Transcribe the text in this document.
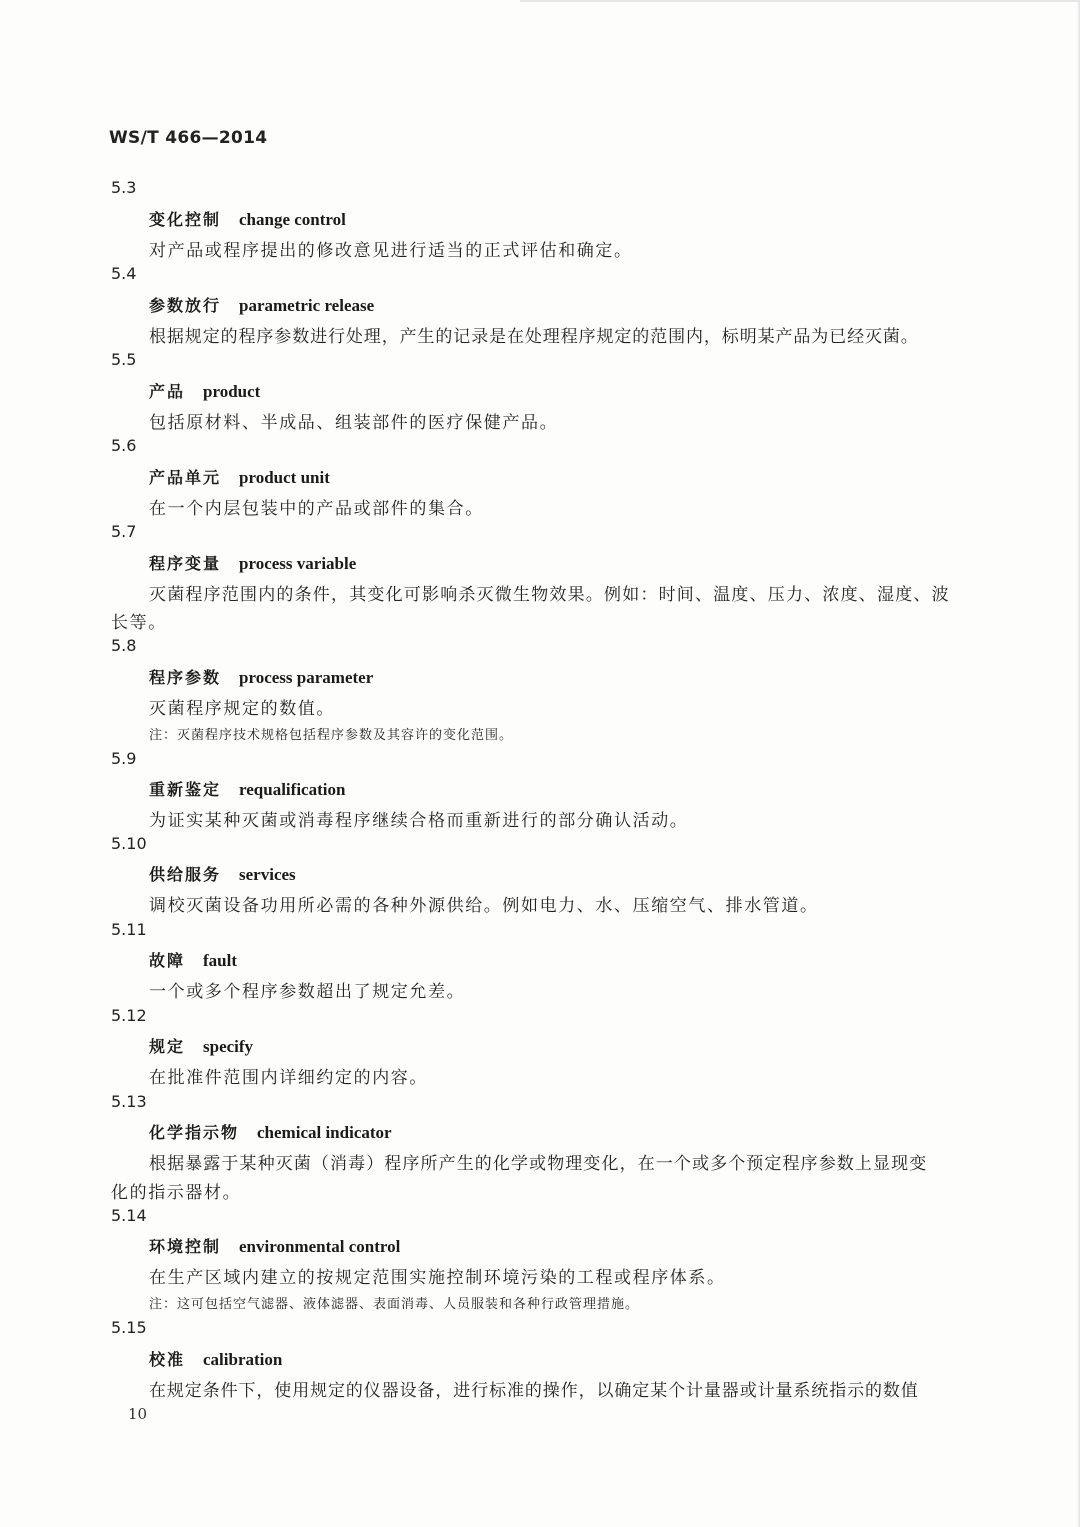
WS/T 466—2014
5.3
变化控制 change control
对产品或程序提出的修改意见进行适当的正式评估和确定。
5.4
参数放行 parametric release
根据规定的程序参数进行处理，产生的记录是在处理程序规定的范围内，标明某产品为已经灭菌。
5.5
产品 product
包括原材料、半成品、组装部件的医疗保健产品。
5.6
产品单元 product unit
在一个内层包装中的产品或部件的集合。
5.7
程序变量 process variable
灭菌程序范围内的条件，其变化可影响杀灭微生物效果。例如：时间、温度、压力、浓度、湿度、波
长等。
5.8
程序参数 process parameter
灭菌程序规定的数值。
注：灭菌程序技术规格包括程序参数及其容许的变化范围。
5.9
重新鉴定 requalification
为证实某种灭菌或消毒程序继续合格而重新进行的部分确认活动。
5.10
供给服务 services
调校灭菌设备功用所必需的各种外源供给。例如电力、水、压缩空气、排水管道。
5.11
故障 fault
一个或多个程序参数超出了规定允差。
5.12
规定 specify
在批准件范围内详细约定的内容。
5.13
化学指示物 chemical indicator
根据暴露于某种灭菌（消毒）程序所产生的化学或物理变化，在一个或多个预定程序参数上显现变
化的指示器材。
5.14
环境控制 environmental control
在生产区域内建立的按规定范围实施控制环境污染的工程或程序体系。
注：这可包括空气滤器、液体滤器、表面消毒、人员服装和各种行政管理措施。
5.15
校准 calibration
在规定条件下，使用规定的仪器设备，进行标准的操作，以确定某个计量器或计量系统指示的数值
10
